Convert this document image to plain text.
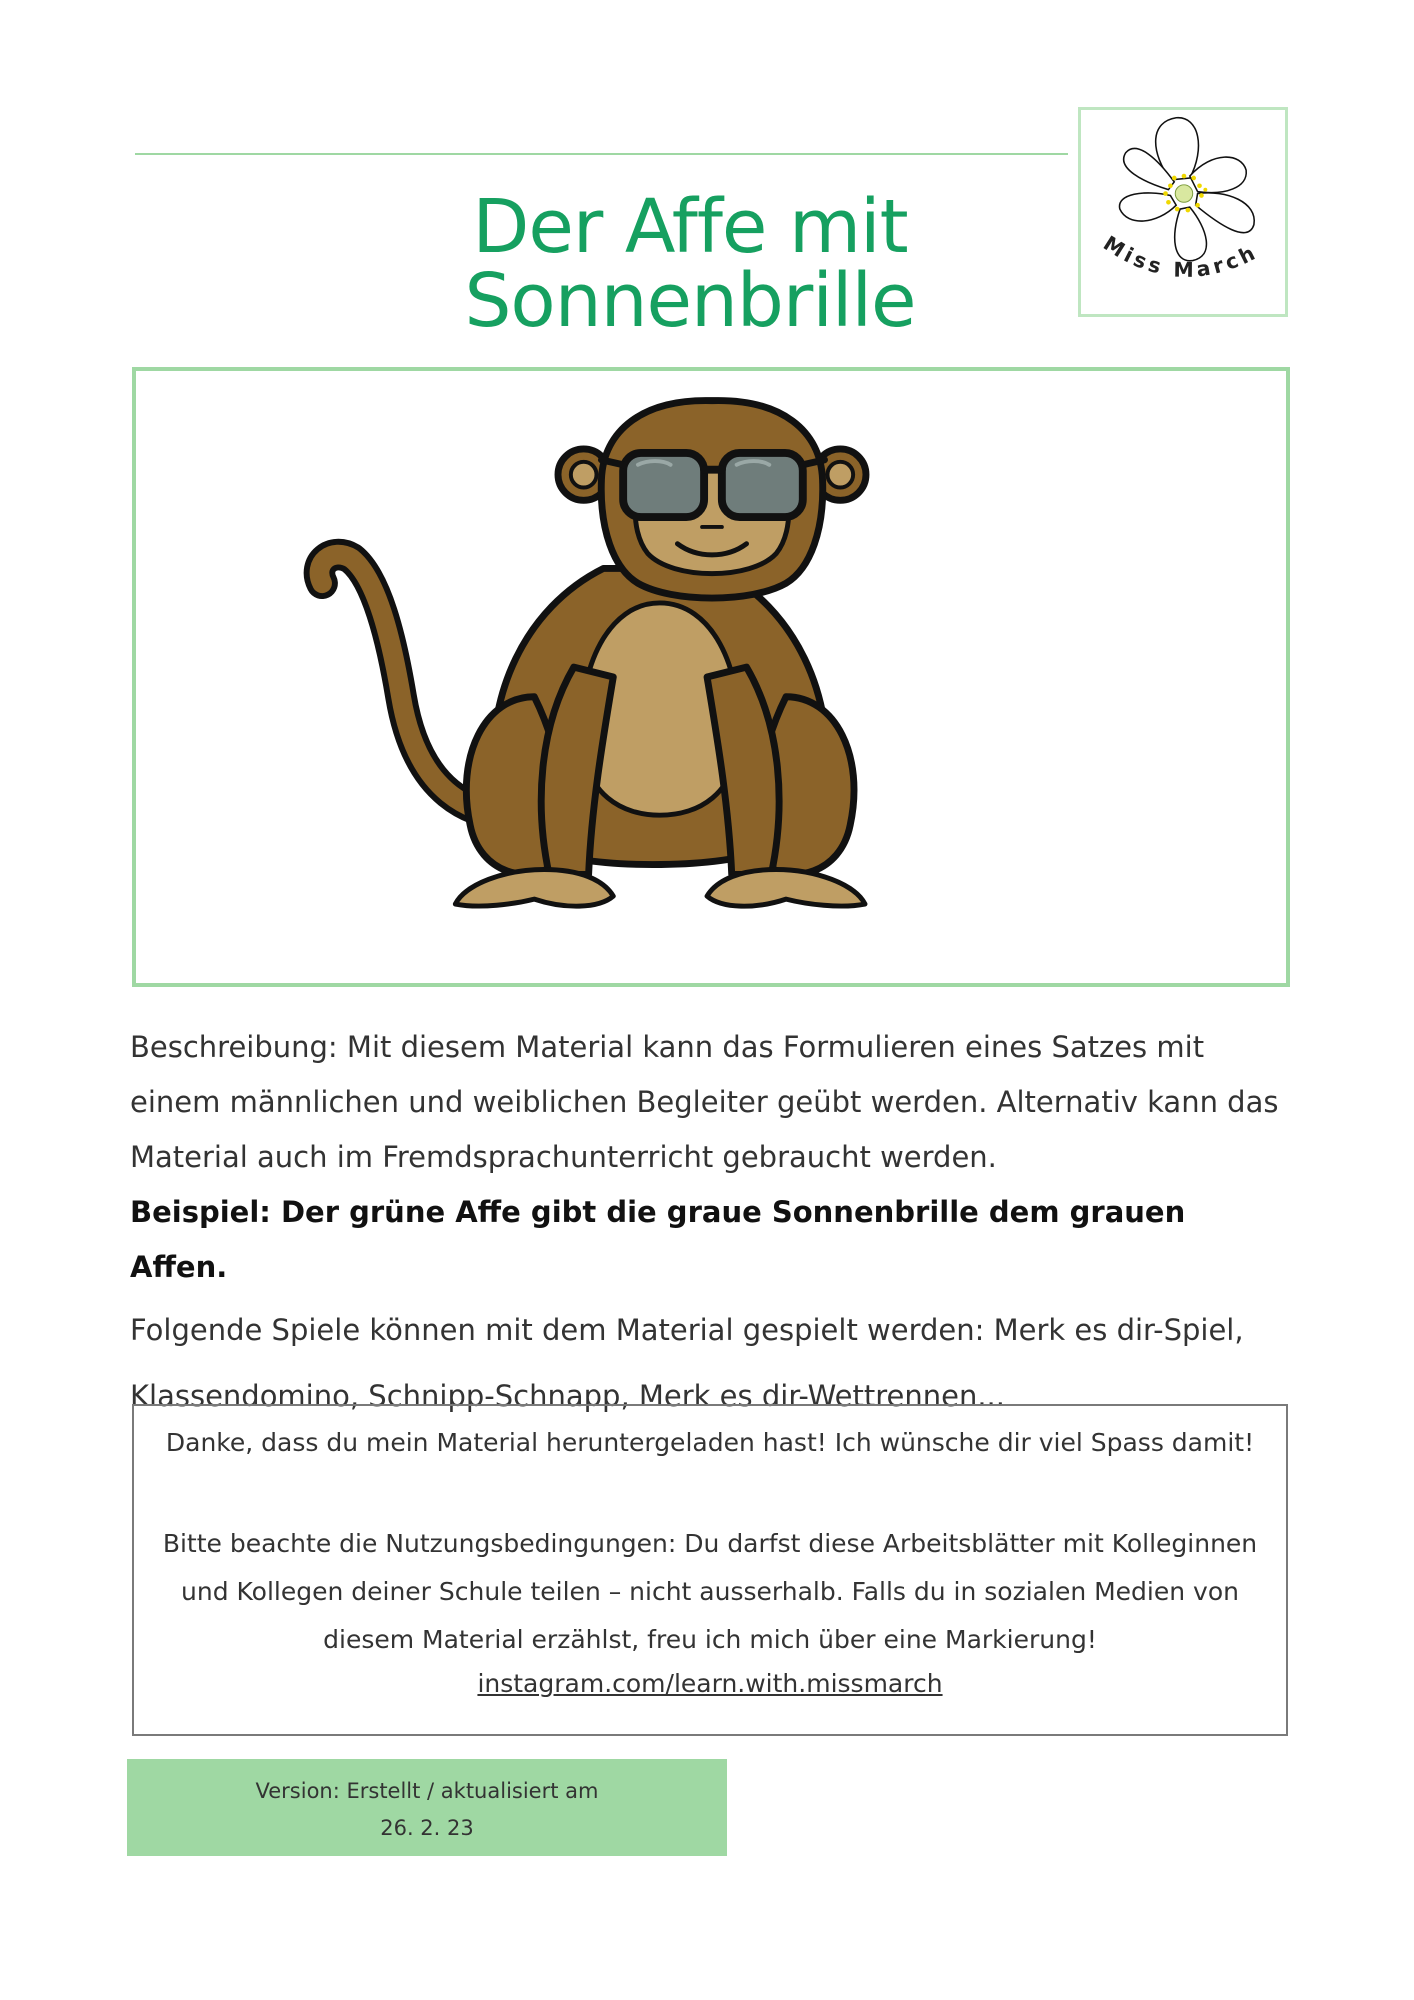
Der Affe mit Sonnenbrille
Miss March

Beschreibung: Mit diesem Material kann das Formulieren eines Satzes mit einem männlichen und weiblichen Begleiter geübt werden. Alternativ kann das Material auch im Fremdsprachunterricht gebraucht werden.

Beispiel: Der grüne Affe gibt die graue Sonnenbrille dem grauen Affen.

Folgende Spiele können mit dem Material gespielt werden: Merk es dir-Spiel, Klassendomino, Schnipp-Schnapp, Merk es dir-Wettrennen...

Danke, dass du mein Material heruntergeladen hast! Ich wünsche dir viel Spass damit!

Bitte beachte die Nutzungsbedingungen: Du darfst diese Arbeitsblätter mit Kolleginnen und Kollegen deiner Schule teilen – nicht ausserhalb. Falls du in sozialen Medien von diesem Material erzählst, freu ich mich über eine Markierung!

instagram.com/learn.with.missmarch
Version: Erstellt / aktualisiert am
26. 2. 23
